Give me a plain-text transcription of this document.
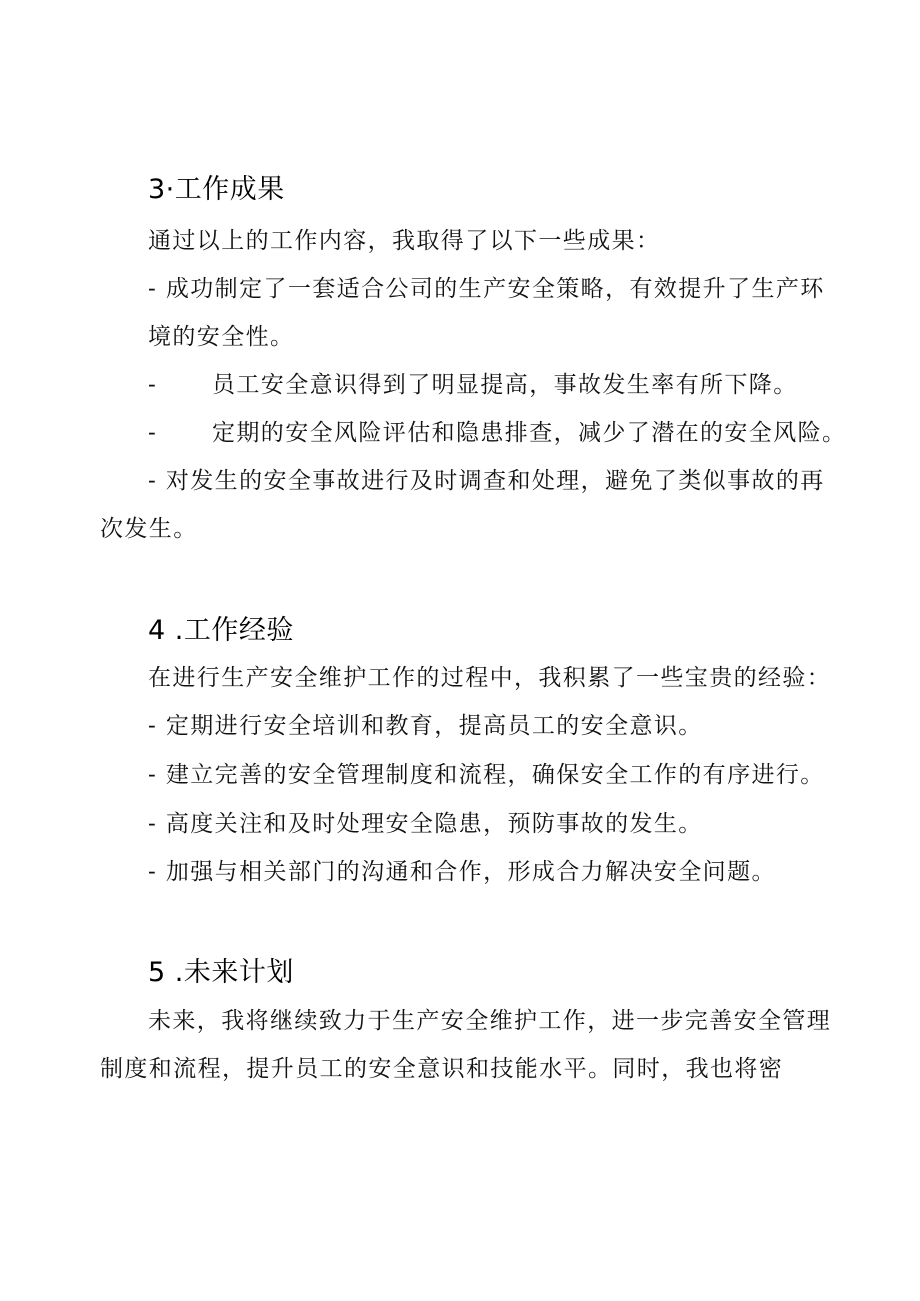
3·工作成果
通过以上的工作内容，我取得了以下一些成果：
- 成功制定了一套适合公司的生产安全策略，有效提升了生产环
境的安全性。
- 员工安全意识得到了明显提高，事故发生率有所下降。
- 定期的安全风险评估和隐患排查，减少了潜在的安全风险。
- 对发生的安全事故进行及时调查和处理，避免了类似事故的再
次发生。
4 .工作经验
在进行生产安全维护工作的过程中，我积累了一些宝贵的经验：
- 定期进行安全培训和教育，提高员工的安全意识。
- 建立完善的安全管理制度和流程，确保安全工作的有序进行。
- 高度关注和及时处理安全隐患，预防事故的发生。
- 加强与相关部门的沟通和合作，形成合力解决安全问题。
5 .未来计划
未来，我将继续致力于生产安全维护工作，进一步完善安全管理
制度和流程，提升员工的安全意识和技能水平。同时，我也将密
